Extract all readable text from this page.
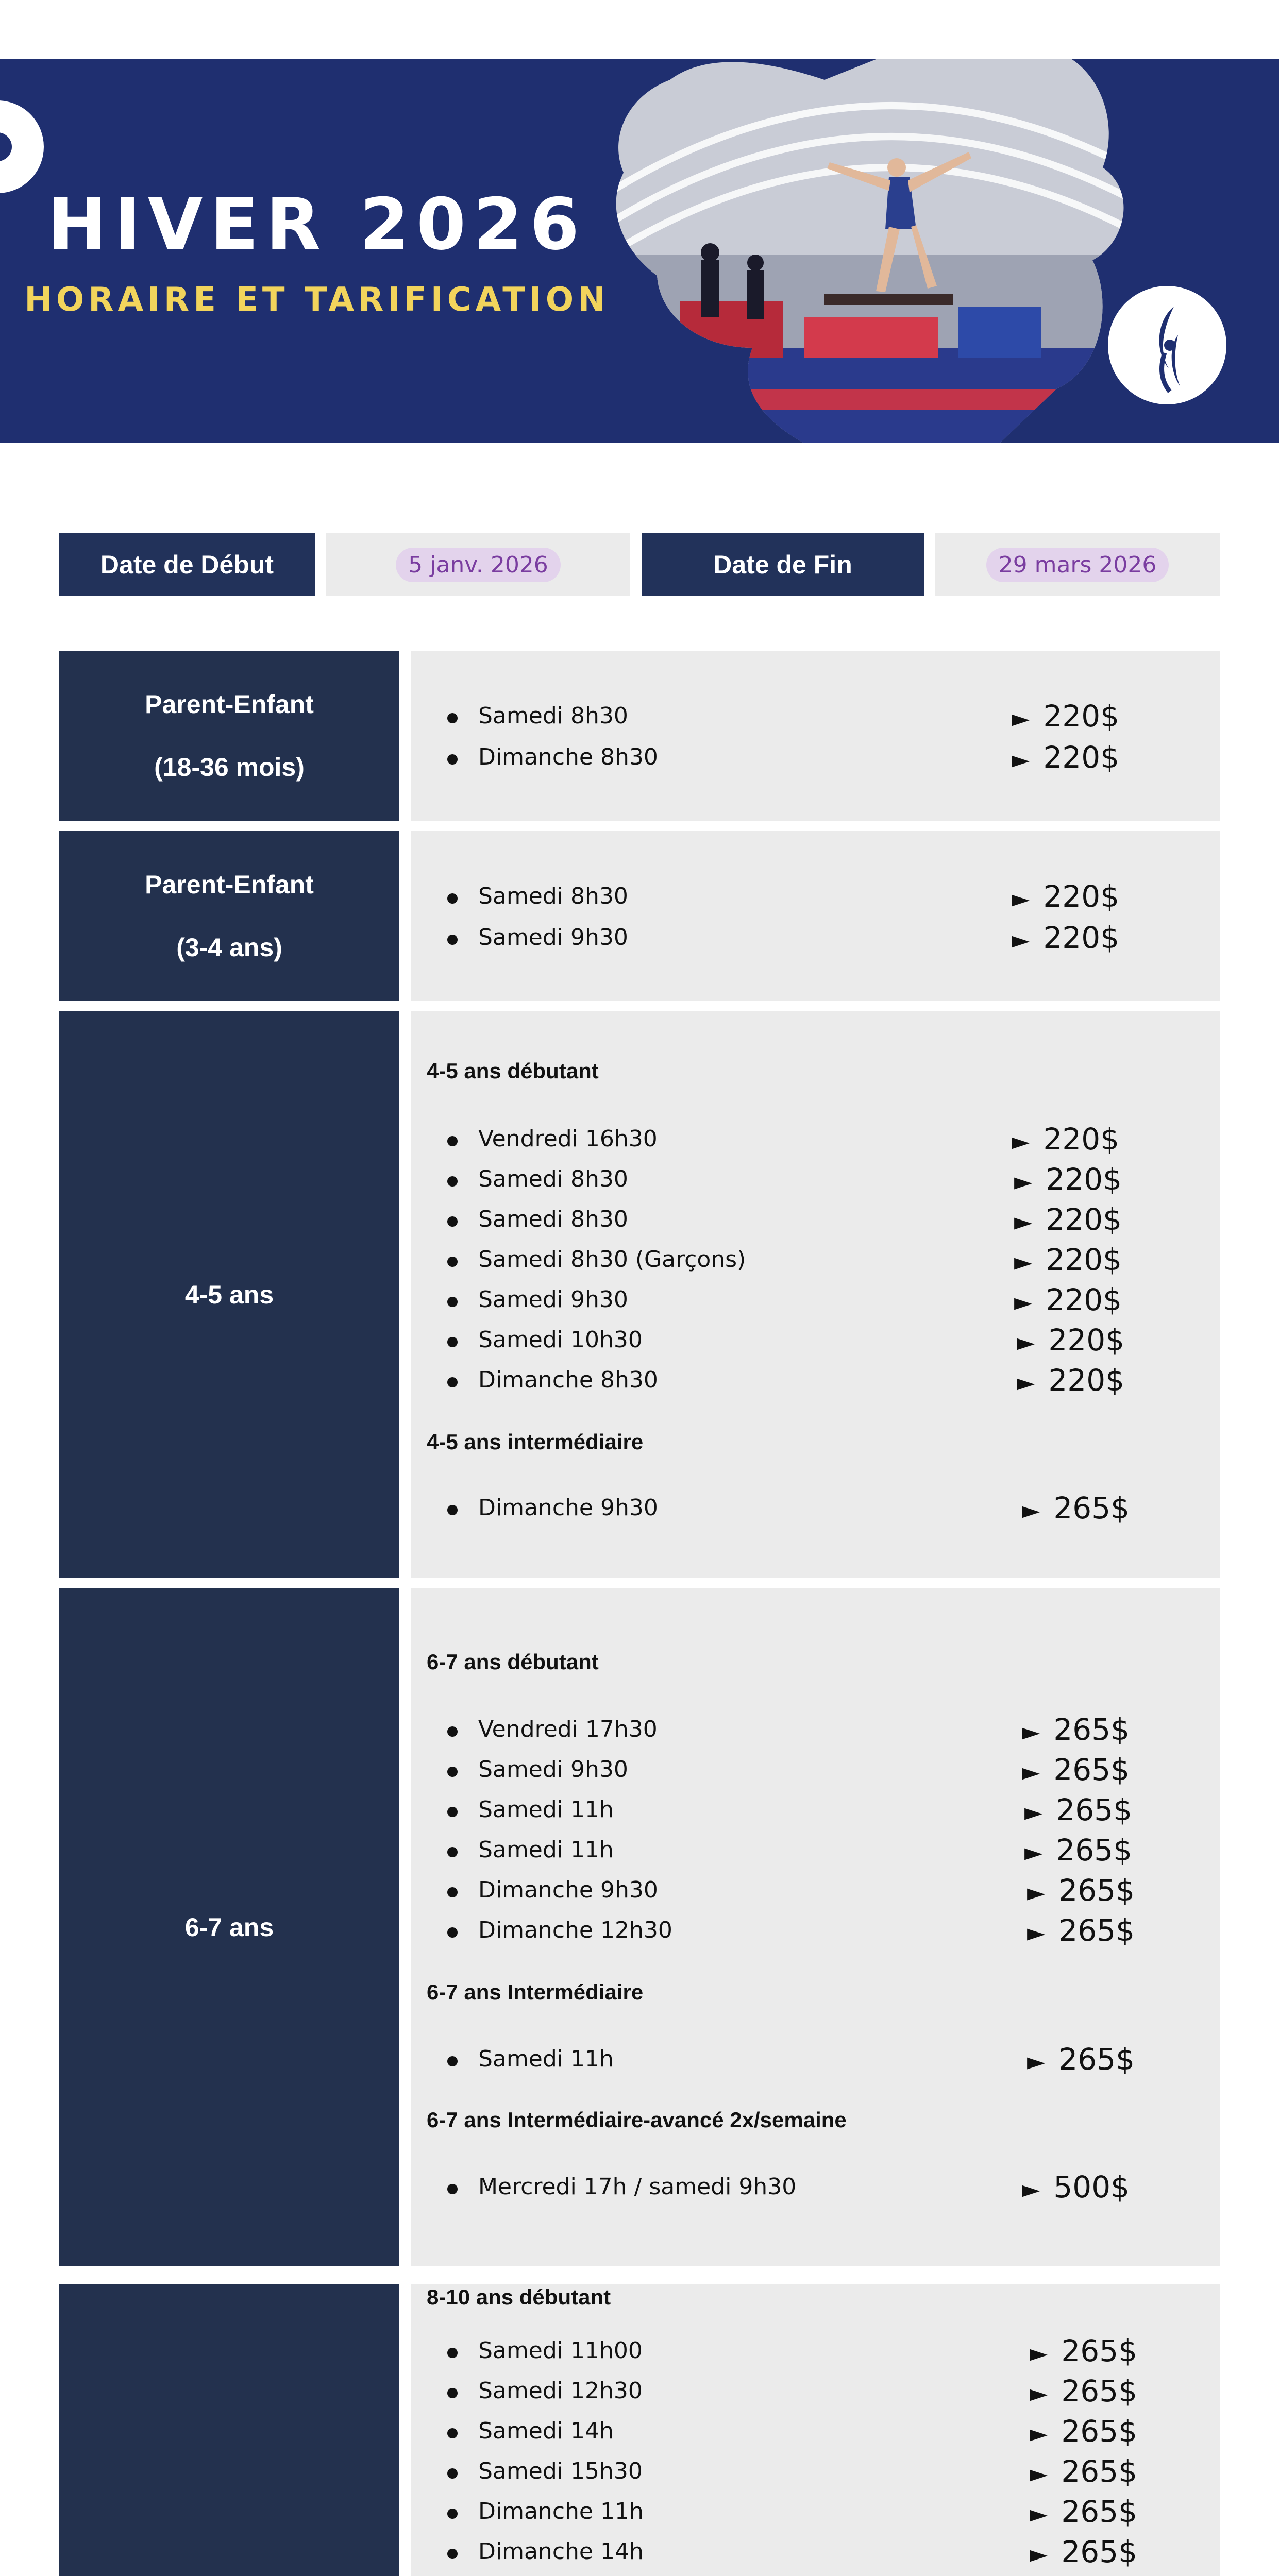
HIVER 2026
HORAIRE ET TARIFICATION
Date de Début	5 janv. 2026	Date de Fin	29 mars 2026
Parent-Enfant
(18-36 mois)
Samedi 8h30	► 220$
Dimanche 8h30	► 220$
Parent-Enfant
(3-4 ans)
Samedi 8h30	► 220$
Samedi 9h30	► 220$
4-5 ans
4-5 ans débutant
Vendredi 16h30	► 220$
Samedi 8h30	► 220$
Samedi 8h30	► 220$
Samedi 8h30 (Garçons)	► 220$
Samedi 9h30	► 220$
Samedi 10h30	► 220$
Dimanche 8h30	► 220$
4-5 ans intermédiaire
Dimanche 9h30	► 265$
6-7 ans
6-7 ans débutant
Vendredi 17h30	► 265$
Samedi 9h30	► 265$
Samedi 11h	► 265$
Samedi 11h	► 265$
Dimanche 9h30	► 265$
Dimanche 12h30	► 265$
6-7 ans Intermédiaire
Samedi 11h	► 265$
6-7 ans Intermédiaire-avancé 2x/semaine
Mercredi 17h / samedi 9h30	► 500$
8-10 ans débutant
Samedi 11h00	► 265$
Samedi 12h30	► 265$
Samedi 14h	► 265$
Samedi 15h30	► 265$
Dimanche 11h	► 265$
Dimanche 14h	► 265$
